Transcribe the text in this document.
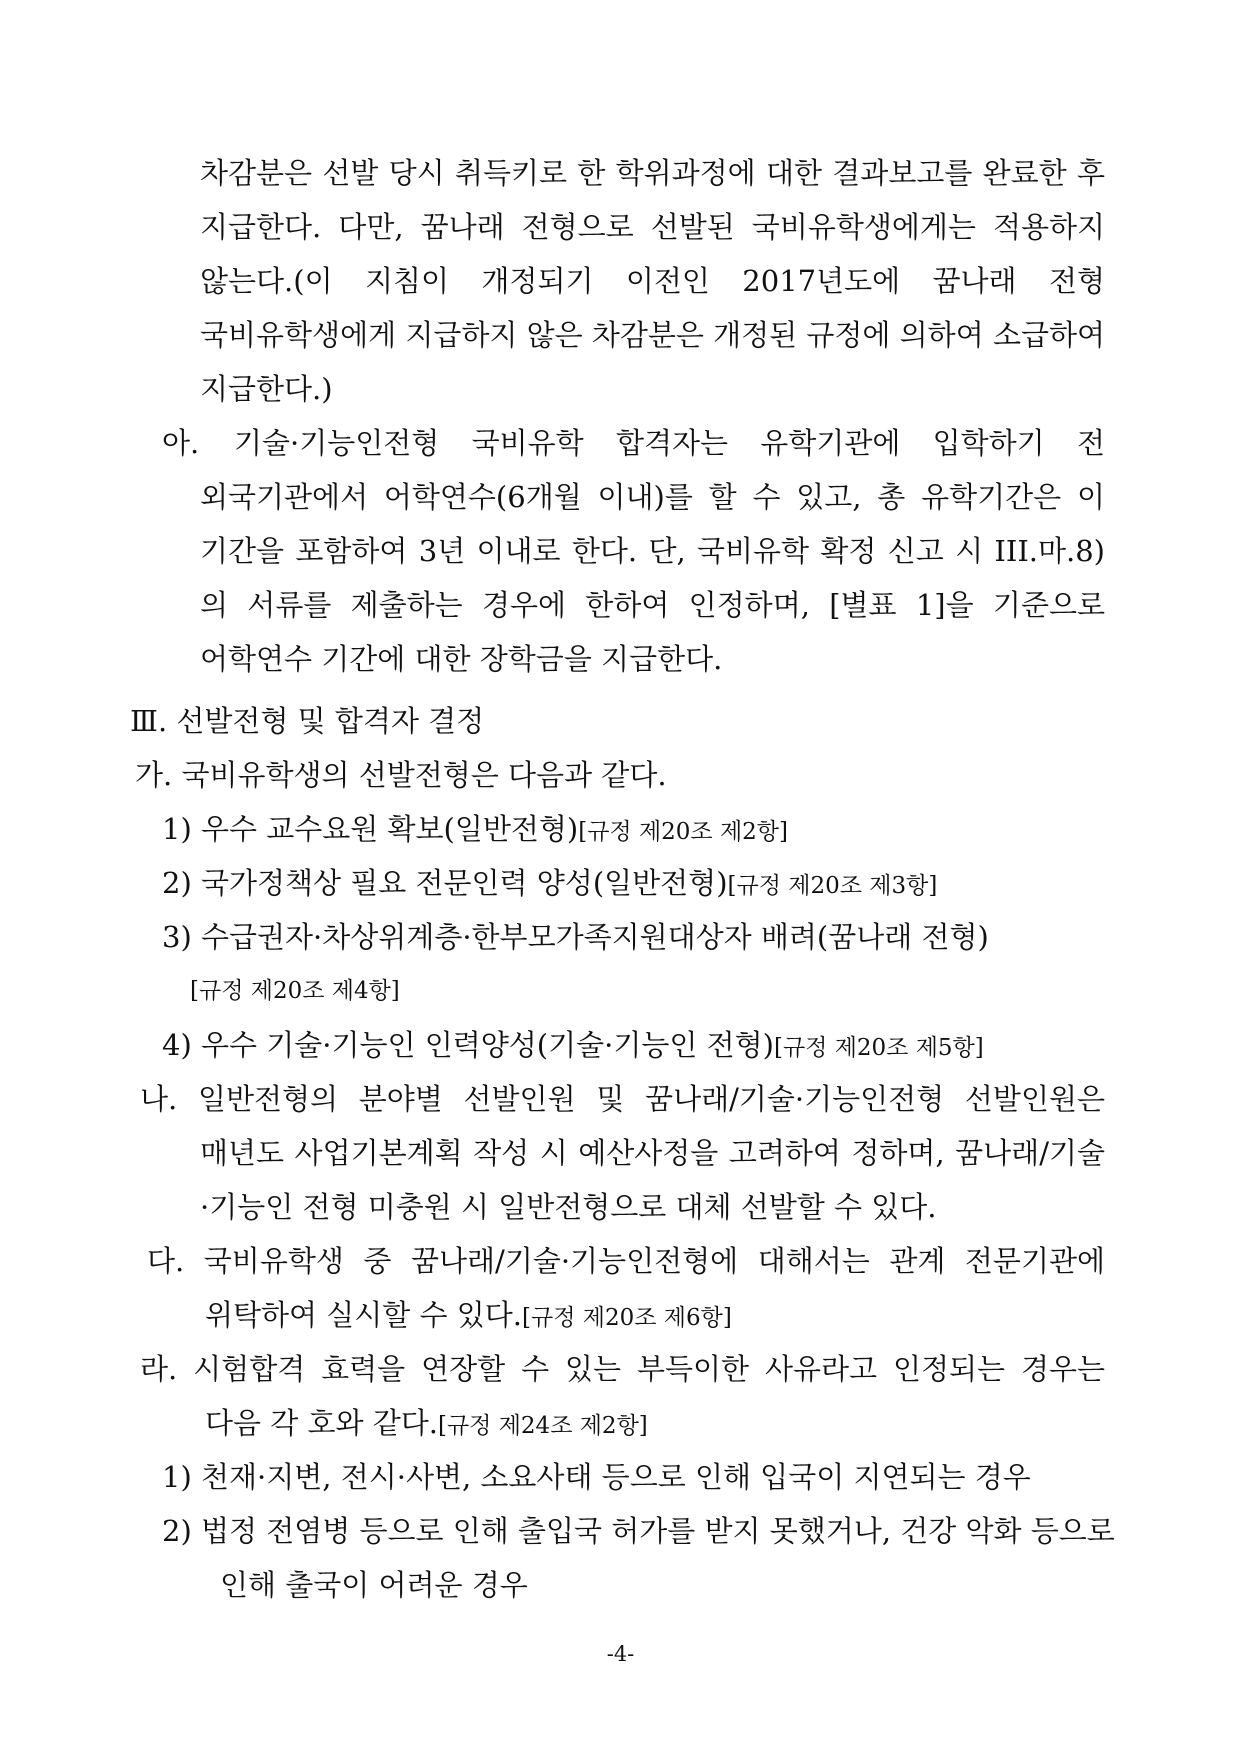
차감분은 선발 당시 취득키로 한 학위과정에 대한 결과보고를 완료한 후
지급한다. 다만, 꿈나래 전형으로 선발된 국비유학생에게는 적용하지
않는다.(이 지침이 개정되기 이전인 2017년도에 꿈나래 전형
국비유학생에게 지급하지 않은 차감분은 개정된 규정에 의하여 소급하여
지급한다.)
아. 기술·기능인전형 국비유학 합격자는 유학기관에 입학하기 전
외국기관에서 어학연수(6개월 이내)를 할 수 있고, 총 유학기간은 이
기간을 포함하여 3년 이내로 한다. 단, 국비유학 확정 신고 시 III.마.8)
의 서류를 제출하는 경우에 한하여 인정하며, [별표 1]을 기준으로
어학연수 기간에 대한 장학금을 지급한다.
Ⅲ. 선발전형 및 합격자 결정
가. 국비유학생의 선발전형은 다음과 같다.
1) 우수 교수요원 확보(일반전형)[규정 제20조 제2항]
2) 국가정책상 필요 전문인력 양성(일반전형)[규정 제20조 제3항]
3) 수급권자·차상위계층·한부모가족지원대상자 배려(꿈나래 전형)
[규정 제20조 제4항]
4) 우수 기술·기능인 인력양성(기술·기능인 전형)[규정 제20조 제5항]
나. 일반전형의 분야별 선발인원 및 꿈나래/기술·기능인전형 선발인원은
매년도 사업기본계획 작성 시 예산사정을 고려하여 정하며, 꿈나래/기술
·기능인 전형 미충원 시 일반전형으로 대체 선발할 수 있다.
다. 국비유학생 중 꿈나래/기술·기능인전형에 대해서는 관계 전문기관에
위탁하여 실시할 수 있다.[규정 제20조 제6항]
라. 시험합격 효력을 연장할 수 있는 부득이한 사유라고 인정되는 경우는
다음 각 호와 같다.[규정 제24조 제2항]
1) 천재·지변, 전시·사변, 소요사태 등으로 인해 입국이 지연되는 경우
2) 법정 전염병 등으로 인해 출입국 허가를 받지 못했거나, 건강 악화 등으로
인해 출국이 어려운 경우
-4-
